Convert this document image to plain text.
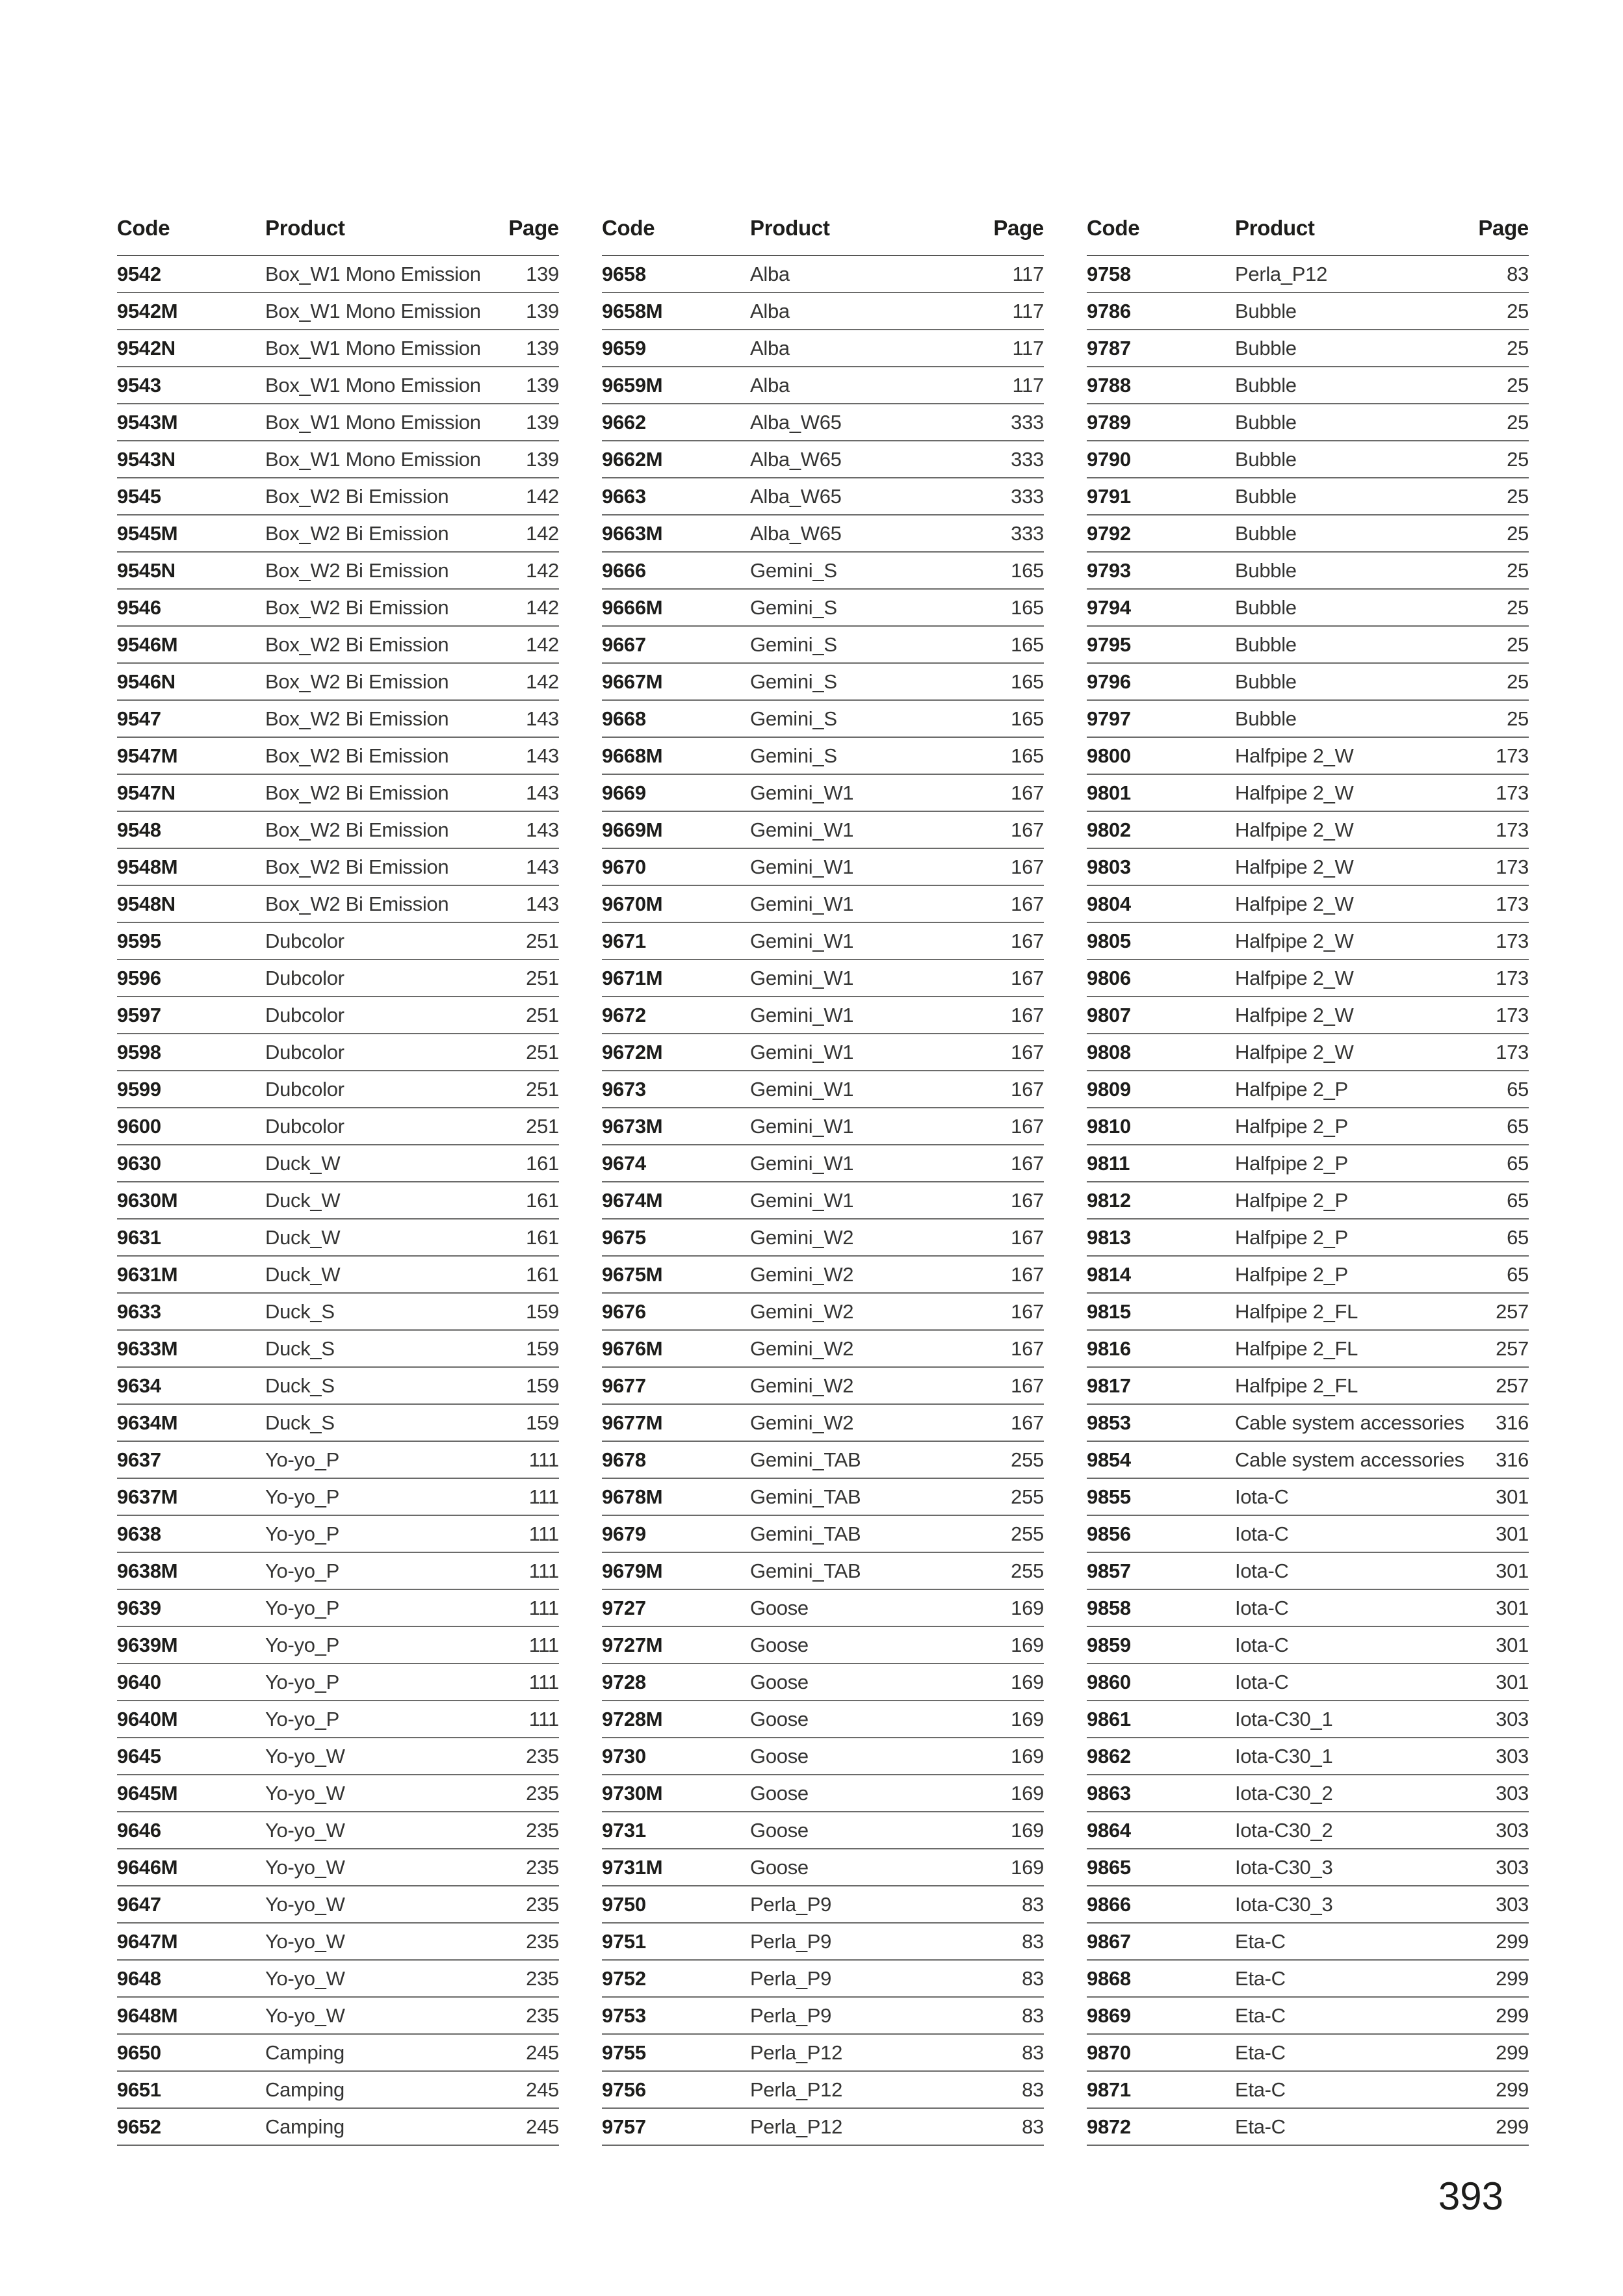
Code	Product	Page
9542	Box_W1 Mono Emission	139
9542M	Box_W1 Mono Emission	139
9542N	Box_W1 Mono Emission	139
9543	Box_W1 Mono Emission	139
9543M	Box_W1 Mono Emission	139
9543N	Box_W1 Mono Emission	139
9545	Box_W2 Bi Emission	142
9545M	Box_W2 Bi Emission	142
9545N	Box_W2 Bi Emission	142
9546	Box_W2 Bi Emission	142
9546M	Box_W2 Bi Emission	142
9546N	Box_W2 Bi Emission	142
9547	Box_W2 Bi Emission	143
9547M	Box_W2 Bi Emission	143
9547N	Box_W2 Bi Emission	143
9548	Box_W2 Bi Emission	143
9548M	Box_W2 Bi Emission	143
9548N	Box_W2 Bi Emission	143
9595	Dubcolor	251
9596	Dubcolor	251
9597	Dubcolor	251
9598	Dubcolor	251
9599	Dubcolor	251
9600	Dubcolor	251
9630	Duck_W	161
9630M	Duck_W	161
9631	Duck_W	161
9631M	Duck_W	161
9633	Duck_S	159
9633M	Duck_S	159
9634	Duck_S	159
9634M	Duck_S	159
9637	Yo-yo_P	111
9637M	Yo-yo_P	111
9638	Yo-yo_P	111
9638M	Yo-yo_P	111
9639	Yo-yo_P	111
9639M	Yo-yo_P	111
9640	Yo-yo_P	111
9640M	Yo-yo_P	111
9645	Yo-yo_W	235
9645M	Yo-yo_W	235
9646	Yo-yo_W	235
9646M	Yo-yo_W	235
9647	Yo-yo_W	235
9647M	Yo-yo_W	235
9648	Yo-yo_W	235
9648M	Yo-yo_W	235
9650	Camping	245
9651	Camping	245
9652	Camping	245
Code	Product	Page
9658	Alba	117
9658M	Alba	117
9659	Alba	117
9659M	Alba	117
9662	Alba_W65	333
9662M	Alba_W65	333
9663	Alba_W65	333
9663M	Alba_W65	333
9666	Gemini_S	165
9666M	Gemini_S	165
9667	Gemini_S	165
9667M	Gemini_S	165
9668	Gemini_S	165
9668M	Gemini_S	165
9669	Gemini_W1	167
9669M	Gemini_W1	167
9670	Gemini_W1	167
9670M	Gemini_W1	167
9671	Gemini_W1	167
9671M	Gemini_W1	167
9672	Gemini_W1	167
9672M	Gemini_W1	167
9673	Gemini_W1	167
9673M	Gemini_W1	167
9674	Gemini_W1	167
9674M	Gemini_W1	167
9675	Gemini_W2	167
9675M	Gemini_W2	167
9676	Gemini_W2	167
9676M	Gemini_W2	167
9677	Gemini_W2	167
9677M	Gemini_W2	167
9678	Gemini_TAB	255
9678M	Gemini_TAB	255
9679	Gemini_TAB	255
9679M	Gemini_TAB	255
9727	Goose	169
9727M	Goose	169
9728	Goose	169
9728M	Goose	169
9730	Goose	169
9730M	Goose	169
9731	Goose	169
9731M	Goose	169
9750	Perla_P9	83
9751	Perla_P9	83
9752	Perla_P9	83
9753	Perla_P9	83
9755	Perla_P12	83
9756	Perla_P12	83
9757	Perla_P12	83
Code	Product	Page
9758	Perla_P12	83
9786	Bubble	25
9787	Bubble	25
9788	Bubble	25
9789	Bubble	25
9790	Bubble	25
9791	Bubble	25
9792	Bubble	25
9793	Bubble	25
9794	Bubble	25
9795	Bubble	25
9796	Bubble	25
9797	Bubble	25
9800	Halfpipe 2_W	173
9801	Halfpipe 2_W	173
9802	Halfpipe 2_W	173
9803	Halfpipe 2_W	173
9804	Halfpipe 2_W	173
9805	Halfpipe 2_W	173
9806	Halfpipe 2_W	173
9807	Halfpipe 2_W	173
9808	Halfpipe 2_W	173
9809	Halfpipe 2_P	65
9810	Halfpipe 2_P	65
9811	Halfpipe 2_P	65
9812	Halfpipe 2_P	65
9813	Halfpipe 2_P	65
9814	Halfpipe 2_P	65
9815	Halfpipe 2_FL	257
9816	Halfpipe 2_FL	257
9817	Halfpipe 2_FL	257
9853	Cable system accessories	316
9854	Cable system accessories	316
9855	Iota-C	301
9856	Iota-C	301
9857	Iota-C	301
9858	Iota-C	301
9859	Iota-C	301
9860	Iota-C	301
9861	Iota-C30_1	303
9862	Iota-C30_1	303
9863	Iota-C30_2	303
9864	Iota-C30_2	303
9865	Iota-C30_3	303
9866	Iota-C30_3	303
9867	Eta-C	299
9868	Eta-C	299
9869	Eta-C	299
9870	Eta-C	299
9871	Eta-C	299
9872	Eta-C	299
393
